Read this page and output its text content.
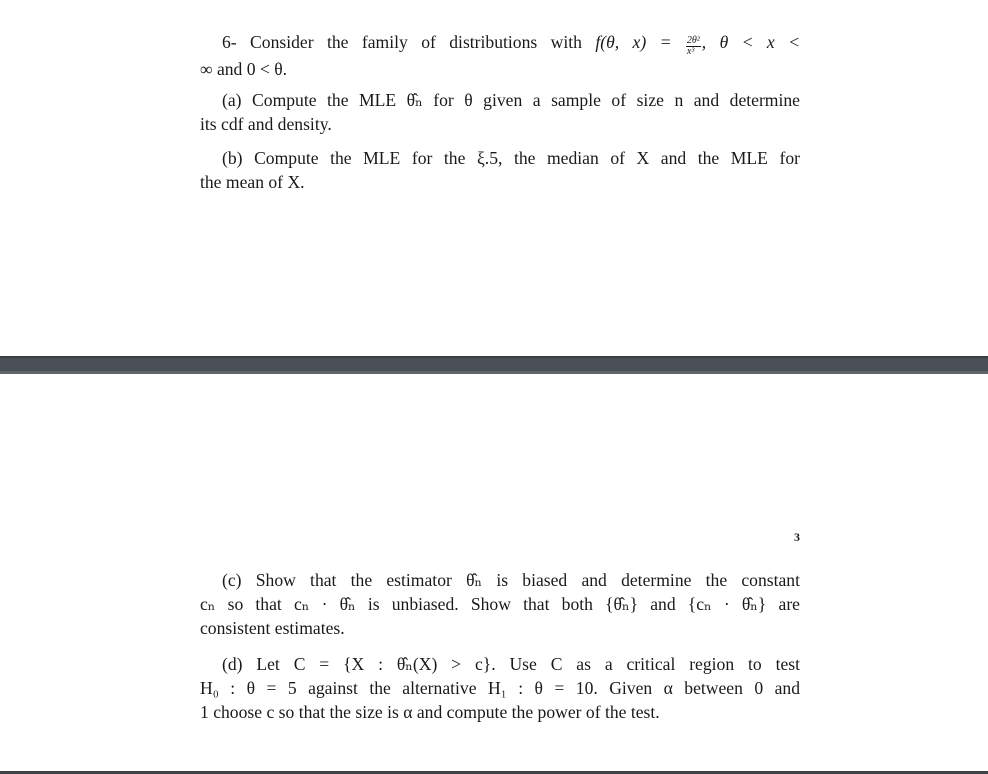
6- Consider the family of distributions with f(θ, $x) = \frac{\text{2θ²}}{\text{x³}}$ , θ < x <
∞ and 0 < θ.
(a) Compute the MLE θ̂ₙ for θ given a sample of size n and determine
its cdf and density.
(b) Compute the MLE for the ξ.5, the median of X and the MLE for
the mean of X.
3
(c) Show that the estimator θ̂ₙ is biased and determine the constant
cₙ so that cₙ · θ̂ₙ is unbiased. Show that both {θ̂ₙ} and {cₙ · θ̂ₙ} are
consistent estimates.
(d) Let C = {X : θ̂ₙ(X) > c}. Use C as a critical region to test
H₀ : θ = 5 against the alternative H₁ : θ = 10. Given α between 0 and
1 choose c so that the size is α and compute the power of the test.
